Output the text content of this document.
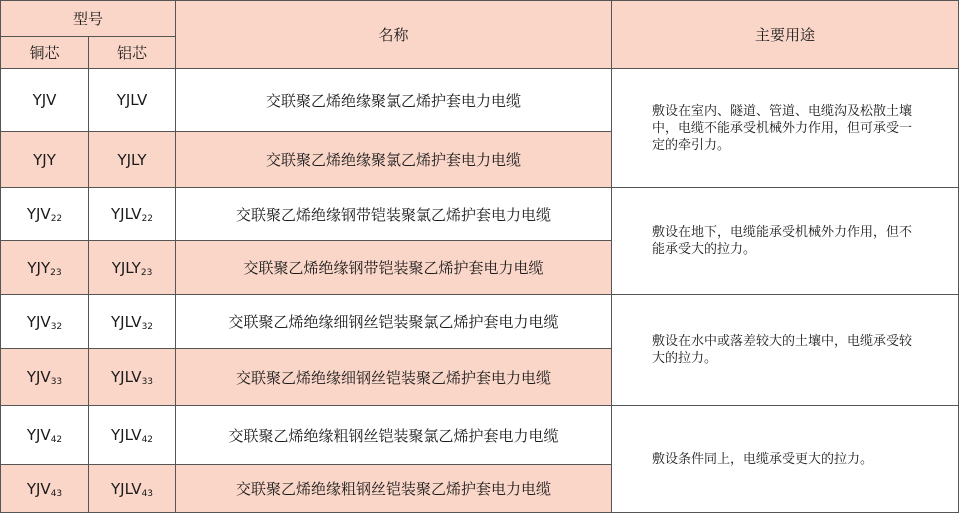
型号		名称	主要用途
铜芯	铝芯		
YJV	YJLV	交联聚乙烯绝缘聚氯乙烯护套电力电缆	敷设在室内、隧道、管道、电缆沟及松散土壤中，电缆不能承受机械外力作用，但可承受一定的牵引力。
YJY	YJLY	交联聚乙烯绝缘聚氯乙烯护套电力电缆	
$YJV_{22}$	$YJLV_{22}$	交联聚乙烯绝缘钢带铠装聚氯乙烯护套电力电缆	敷设在地下，电缆能承受机械外力作用，但不能承受大的拉力。
$YJY_{23}$	$YJLY_{23}$	交联聚乙烯绝缘钢带铠装聚乙烯护套电力电缆	
$YJV_{32}$	$YJLV_{32}$	交联聚乙烯绝缘细钢丝铠装聚氯乙烯护套电力电缆	敷设在水中或落差较大的土壤中，电缆承受较大的拉力。
$YJV_{33}$	$YJLV_{33}$	交联聚乙烯绝缘细钢丝铠装聚乙烯护套电力电缆	
$YJV_{42}$	$YJLV_{42}$	交联聚乙烯绝缘粗钢丝铠装聚氯乙烯护套电力电缆	敷设条件同上，电缆承受更大的拉力。
$YJV_{43}$	$YJLV_{43}$	交联聚乙烯绝缘粗钢丝铠装聚乙烯护套电力电缆	
